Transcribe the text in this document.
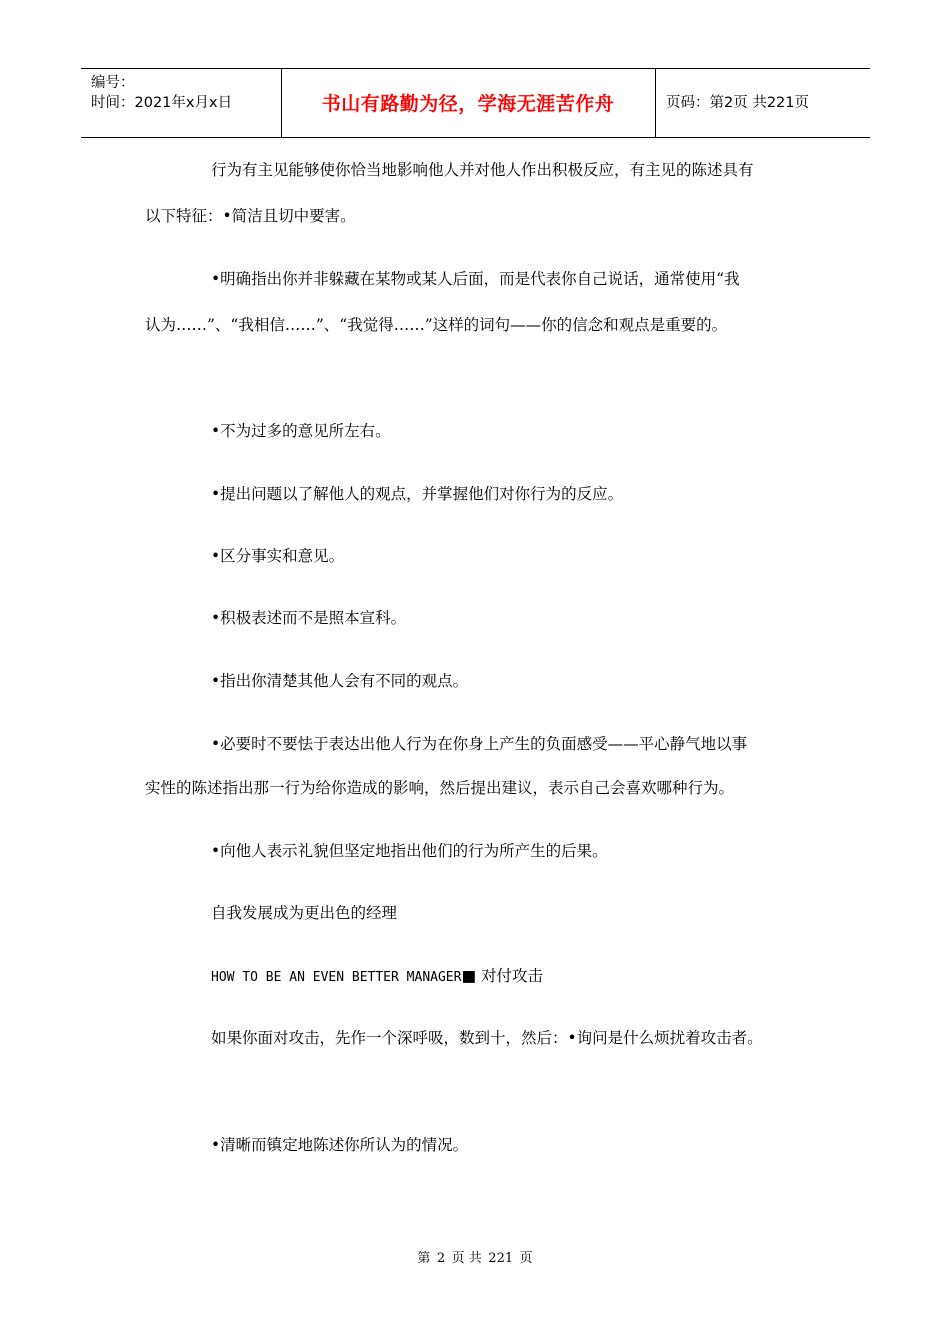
编号：
时间：2021年x月x日	书山有路勤为径，学海无涯苦作舟	页码：第2页 共221页
行为有主见能够使你恰当地影响他人并对他人作出积极反应，有主见的陈述具有
以下特征：•简洁且切中要害。
•明确指出你并非躲藏在某物或某人后面，而是代表你自己说话，通常使用“我
认为……”、“我相信……”、“我觉得……”这样的词句——你的信念和观点是重要的。
•不为过多的意见所左右。
•提出问题以了解他人的观点，并掌握他们对你行为的反应。
•区分事实和意见。
•积极表述而不是照本宣科。
•指出你清楚其他人会有不同的观点。
•必要时不要怯于表达出他人行为在你身上产生的负面感受——平心静气地以事
实性的陈述指出那一行为给你造成的影响，然后提出建议，表示自己会喜欢哪种行为。
•向他人表示礼貌但坚定地指出他们的行为所产生的后果。
自我发展成为更出色的经理
HOW TO BE AN EVEN BETTER MANAGER■ 对付攻击
如果你面对攻击，先作一个深呼吸，数到十，然后：•询问是什么烦扰着攻击者。
•清晰而镇定地陈述你所认为的情况。
第 2 页 共 221 页
